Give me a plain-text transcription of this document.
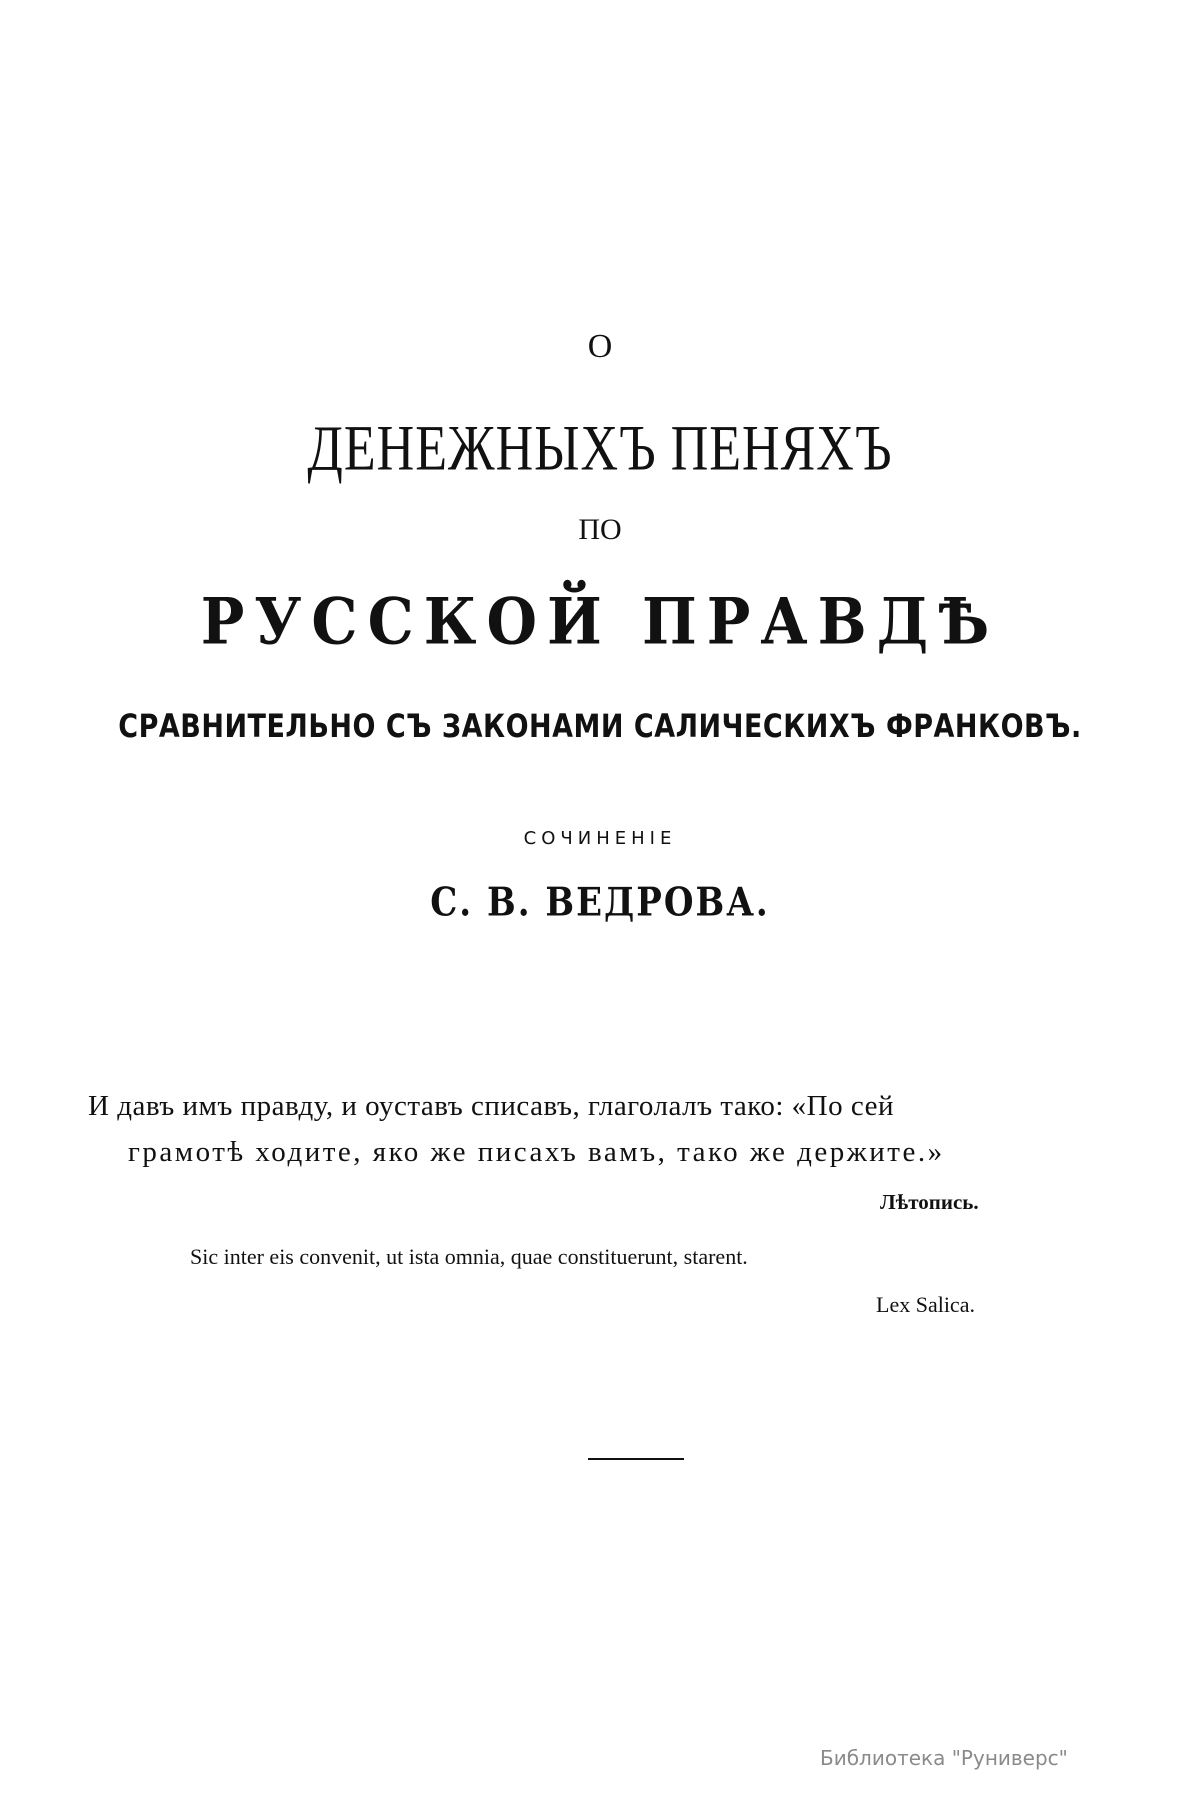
О
ДЕНЕЖНЫХЪ ПЕНЯХЪ
ПО
РУССКОЙ ПРАВДѢ
СРАВНИТЕЛЬНО СЪ ЗАКОНАМИ САЛИЧЕСКИХЪ ФРАНКОВЪ.
СОЧИНЕНІЕ
С. В. ВЕДРОВА.
И давъ имъ правду, и оуставъ списавъ, глаголалъ тако: «По сей
грамотѣ ходите, яко же писахъ вамъ, тако же держите.»
Лѣтопись.
Sic inter eis convenit, ut ista omnia, quae constituerunt, starent.
Lex Salica.
Библиотека "Руниверс"
